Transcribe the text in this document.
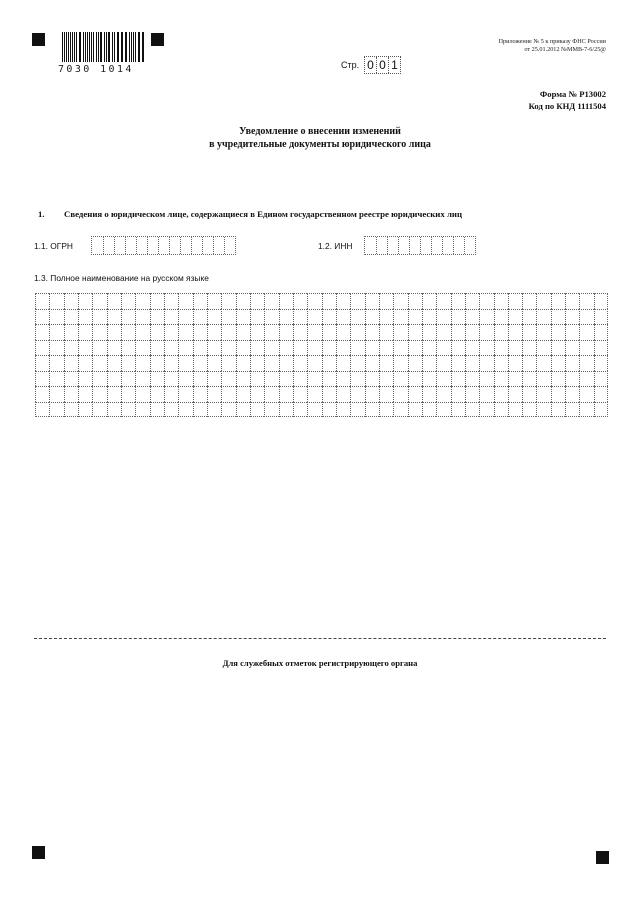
7030 1014
Приложение № 5 к приказу ФНС России
от 25.01.2012 №ММВ-7-6/25@
Стр. 0 0 1
Форма № Р13002
Код по КНД 1111504
Уведомление о внесении изменений
в учредительные документы юридического лица
1. Сведения о юридическом лице, содержащиеся в Едином государственном реестре юридических лиц
1.1. ОГРН	1.2. ИНН
1.3. Полное наименование на русском языке
Для служебных отметок регистрирующего органа
